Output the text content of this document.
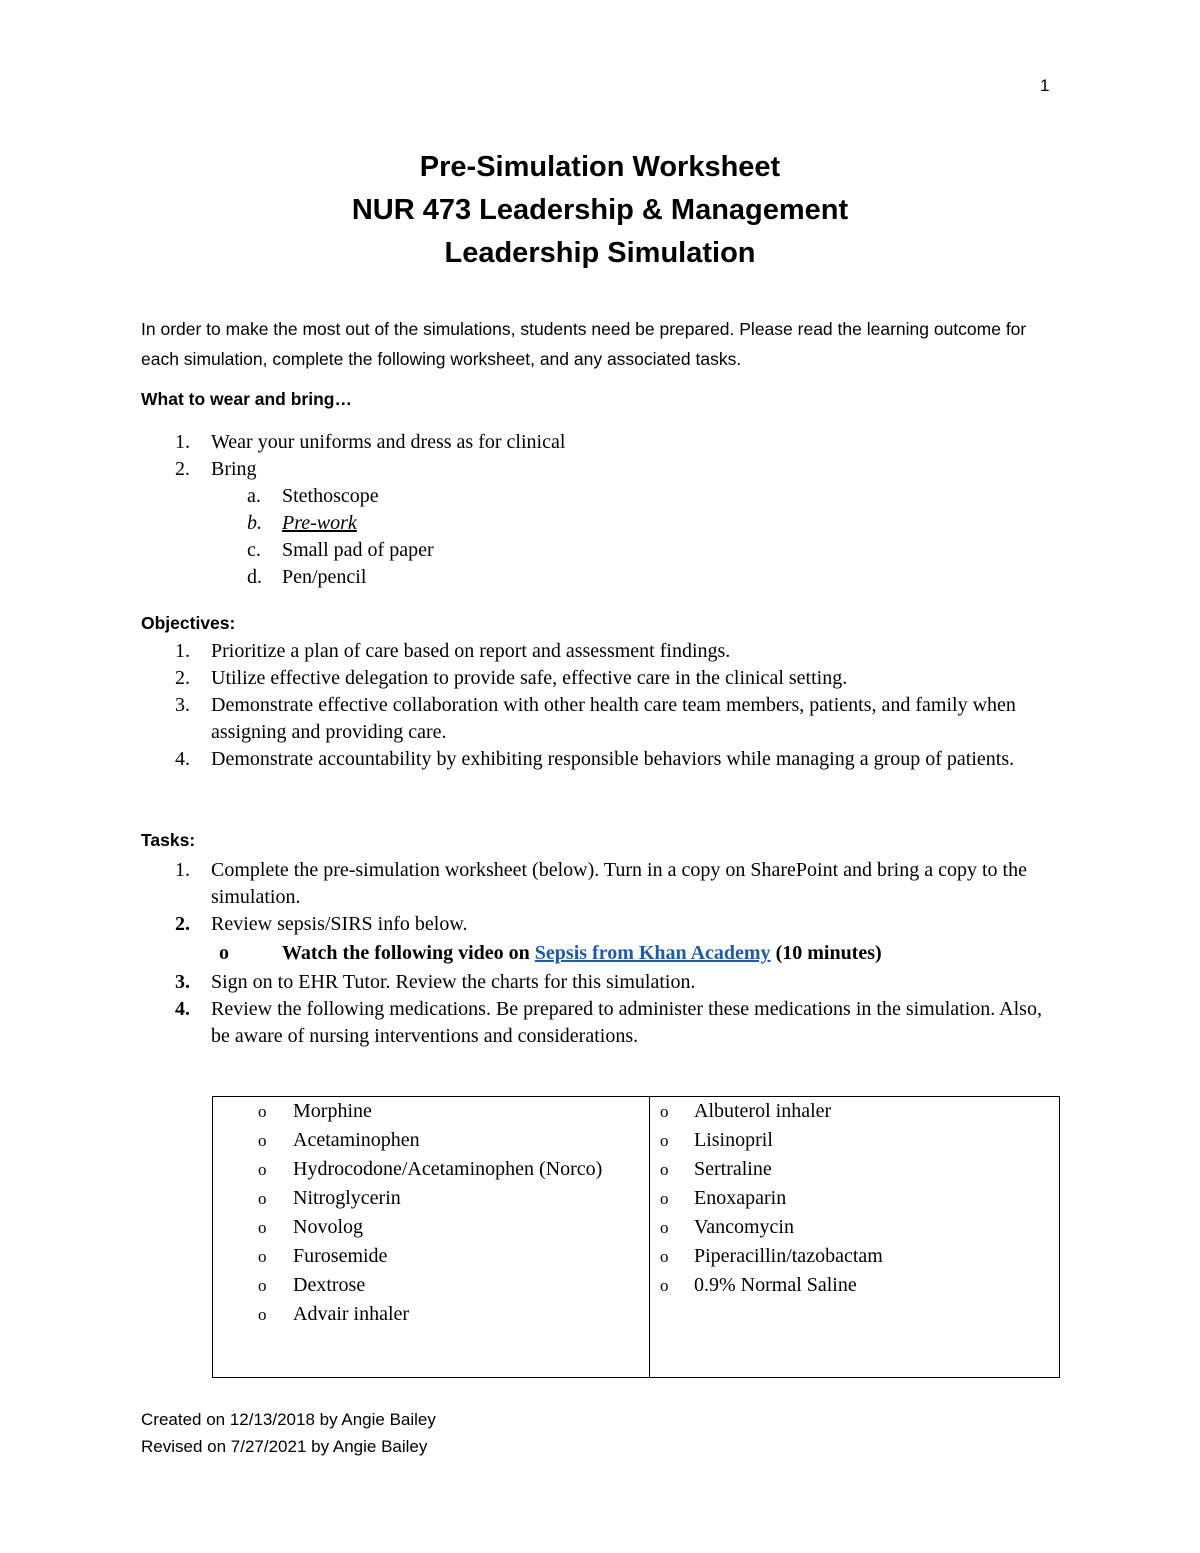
1
Pre-Simulation Worksheet
NUR 473 Leadership & Management
Leadership Simulation
In order to make the most out of the simulations, students need be prepared. Please read the learning outcome for each simulation, complete the following worksheet, and any associated tasks.
What to wear and bring…
1. Wear your uniforms and dress as for clinical
2. Bring
a. Stethoscope
b. Pre-work
c. Small pad of paper
d. Pen/pencil
Objectives:
1. Prioritize a plan of care based on report and assessment findings.
2. Utilize effective delegation to provide safe, effective care in the clinical setting.
3. Demonstrate effective collaboration with other health care team members, patients, and family when assigning and providing care.
4. Demonstrate accountability by exhibiting responsible behaviors while managing a group of patients.
Tasks:
1. Complete the pre-simulation worksheet (below). Turn in a copy on SharePoint and bring a copy to the simulation.
2. Review sepsis/SIRS info below.
o	Watch the following video on Sepsis from Khan Academy (10 minutes)
3. Sign on to EHR Tutor. Review the charts for this simulation.
4. Review the following medications. Be prepared to administer these medications in the simulation. Also, be aware of nursing interventions and considerations.
o Morphine
o Acetaminophen
o Hydrocodone/Acetaminophen (Norco)
o Nitroglycerin
o Novolog
o Furosemide
o Dextrose
o Advair inhaler
o Albuterol inhaler
o Lisinopril
o Sertraline
o Enoxaparin
o Vancomycin
o Piperacillin/tazobactam
o 0.9% Normal Saline
Created on 12/13/2018 by Angie Bailey
Revised on 7/27/2021 by Angie Bailey
